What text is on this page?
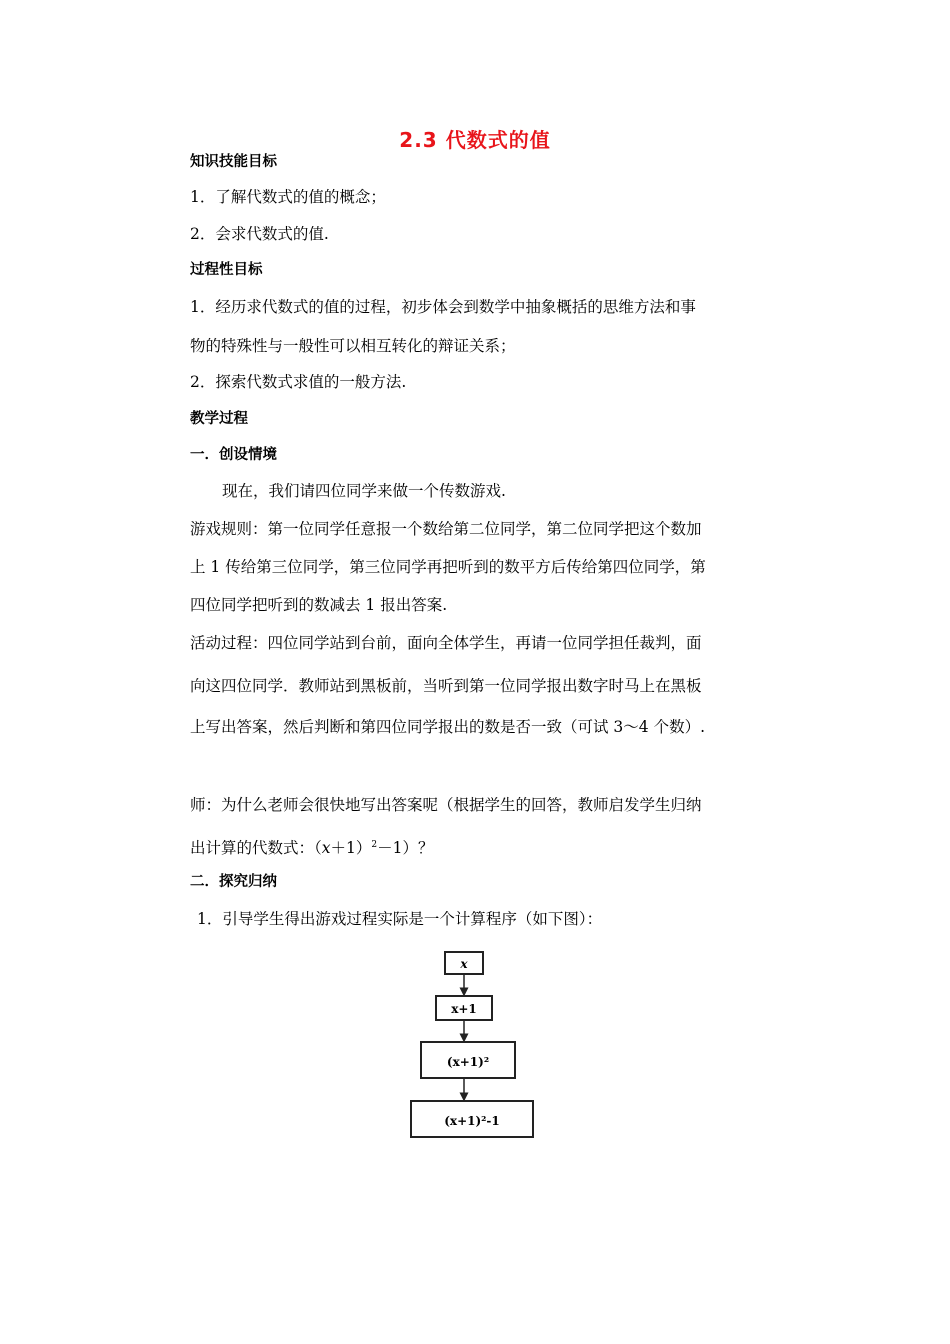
2.3 代数式的值
知识技能目标
1．了解代数式的值的概念；
2．会求代数式的值.
过程性目标
1．经历求代数式的值的过程，初步体会到数学中抽象概括的思维方法和事
物的特殊性与一般性可以相互转化的辩证关系；
2．探索代数式求值的一般方法.
教学过程
一．创设情境
现在，我们请四位同学来做一个传数游戏.
游戏规则：第一位同学任意报一个数给第二位同学，第二位同学把这个数加
上 1 传给第三位同学，第三位同学再把听到的数平方后传给第四位同学，第
四位同学把听到的数减去 1 报出答案.
活动过程：四位同学站到台前，面向全体学生，再请一位同学担任裁判，面
向这四位同学．教师站到黑板前，当听到第一位同学报出数字时马上在黑板
上写出答案，然后判断和第四位同学报出的数是否一致（可试 3～4 个数）.
师：为什么老师会很快地写出答案呢（根据学生的回答，教师启发学生归纳
出计算的代数式：$(x+1)^2-1$）？
二．探究归纳
1．引导学生得出游戏过程实际是一个计算程序（如下图）：
x
x+1
(x+1)²
(x+1)²-1
